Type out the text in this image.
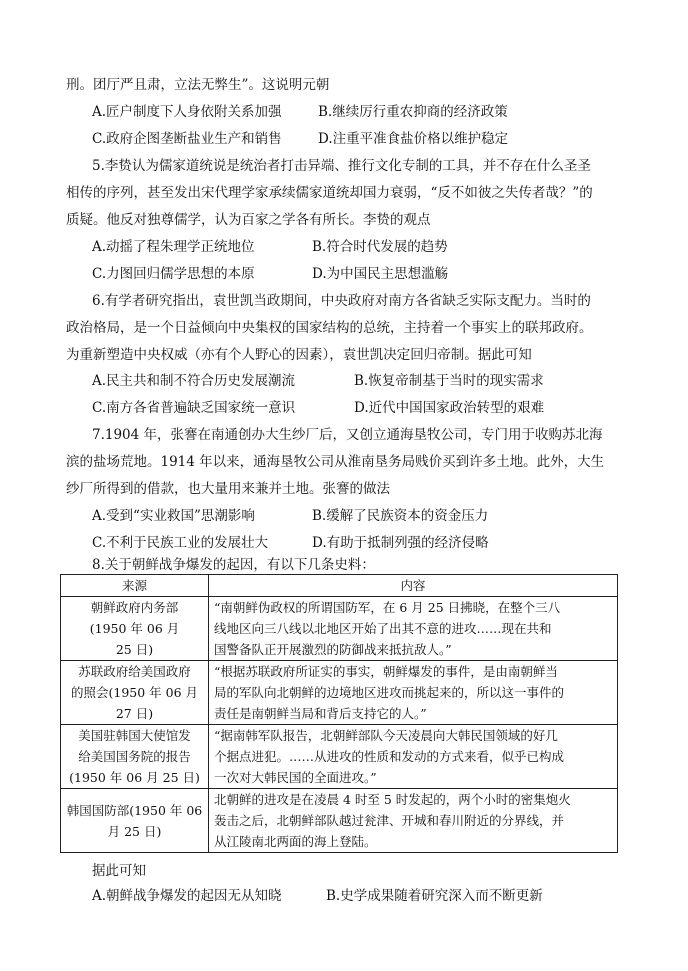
刑。团厅严且肃，立法无弊生”。这说明元朝
A.匠户制度下人身依附关系加强	B.继续厉行重农抑商的经济政策
C.政府企图垄断盐业生产和销售	D.注重平准食盐价格以维护稳定
5.李贽认为儒家道统说是统治者打击异端、推行文化专制的工具，并不存在什么圣圣
相传的序列，甚至发出宋代理学家承续儒家道统却国力衰弱，“反不如彼之失传者哉？”的
质疑。他反对独尊儒学，认为百家之学各有所长。李贽的观点
A.动摇了程朱理学正统地位	B.符合时代发展的趋势
C.力图回归儒学思想的本原	D.为中国民主思想滥觞
6.有学者研究指出，袁世凯当政期间，中央政府对南方各省缺乏实际支配力。当时的
政治格局，是一个日益倾向中央集权的国家结构的总统，主持着一个事实上的联邦政府。
为重新塑造中央权威（亦有个人野心的因素），袁世凯决定回归帝制。据此可知
A.民主共和制不符合历史发展潮流	B.恢复帝制基于当时的现实需求
C.南方各省普遍缺乏国家统一意识	D.近代中国国家政治转型的艰难
7.1904 年，张謇在南通创办大生纱厂后，又创立通海垦牧公司，专门用于收购苏北海
滨的盐场荒地。1914 年以来，通海垦牧公司从淮南垦务局贱价买到许多土地。此外，大生
纱厂所得到的借款，也大量用来兼并土地。张謇的做法
A.受到“实业救国”思潮影响	B.缓解了民族资本的资金压力
C.不利于民族工业的发展壮大	D.有助于抵制列强的经济侵略
8.关于朝鲜战争爆发的起因，有以下几条史料：
来源	内容

朝鲜政府内务部
(1950 年 06 月
25 日)	“南朝鲜伪政权的所谓国防军，在 6 月 25 日拂晓，在整个三八
线地区向三八线以北地区开始了出其不意的进攻……现在共和
国警备队正开展激烈的防御战来抵抗敌人。”

苏联政府给美国政府
的照会(1950 年 06 月
27 日)	“根据苏联政府所证实的事实，朝鲜爆发的事件，是由南朝鲜当
局的军队向北朝鲜的边境地区进攻而挑起来的，所以这一事件的
责任是南朝鲜当局和背后支持它的人。”

美国驻韩国大使馆发
给美国国务院的报告
(1950 年 06 月 25 日)	“据南韩军队报告，北朝鲜部队今天凌晨向大韩民国领域的好几
个据点进犯。……从进攻的性质和发动的方式来看，似乎已构成
一次对大韩民国的全面进攻。”

韩国国防部(1950 年 06
月 25 日)	北朝鲜的进攻是在凌晨 4 时至 5 时发起的，两个小时的密集炮火
轰击之后，北朝鲜部队越过瓮津、开城和春川附近的分界线，并
从江陵南北两面的海上登陆。
据此可知
A.朝鲜战争爆发的起因无从知晓	B.史学成果随着研究深入而不断更新
